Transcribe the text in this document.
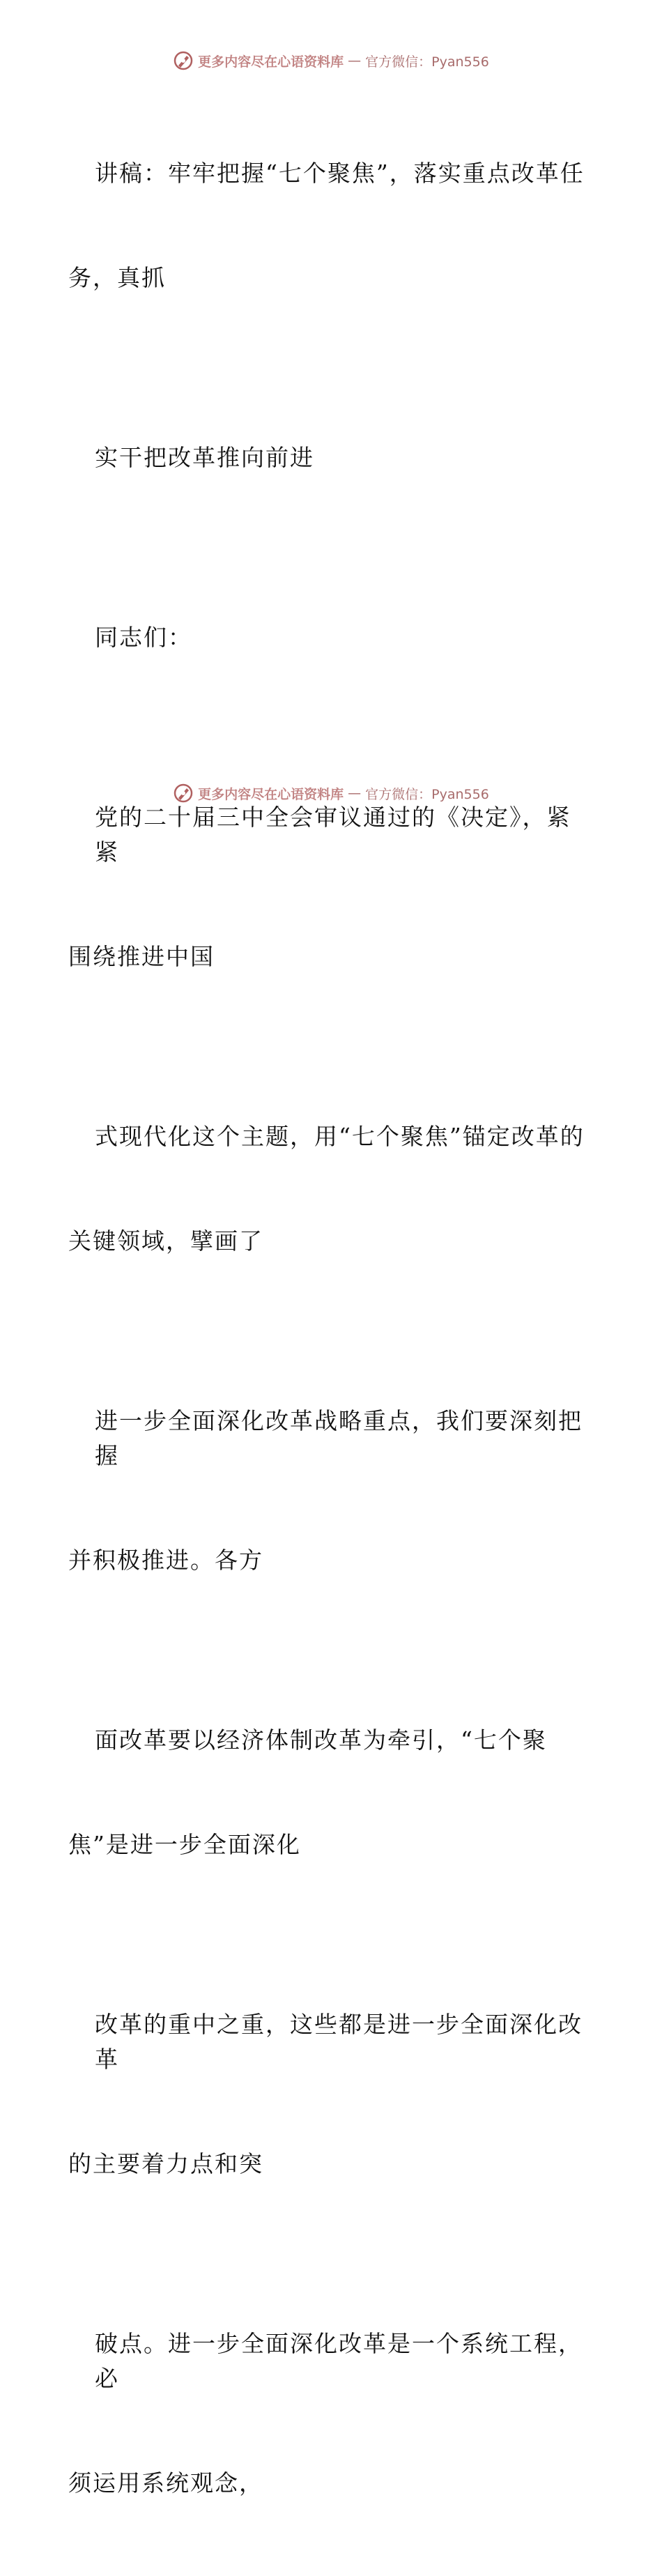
更多内容尽在心语资料库 — 官方微信：Pyan556

讲稿：牢牢把握“七个聚焦”，落实重点改革任

务，真抓

实干把改革推向前进

同志们：

党的二十届三中全会审议通过的《决定》，紧紧

围绕推进中国

式现代化这个主题，用“七个聚焦”锚定改革的

关键领域，擘画了

进一步全面深化改革战略重点，我们要深刻把握

并积极推进。各方

面改革要以经济体制改革为牵引，“七个聚

焦”是进一步全面深化

改革的重中之重，这些都是进一步全面深化改革

的主要着力点和突

破点。进一步全面深化改革是一个系统工程，必

须运用系统观念，

更多内容尽在心语资料库 — 官方微信：Pyan556
